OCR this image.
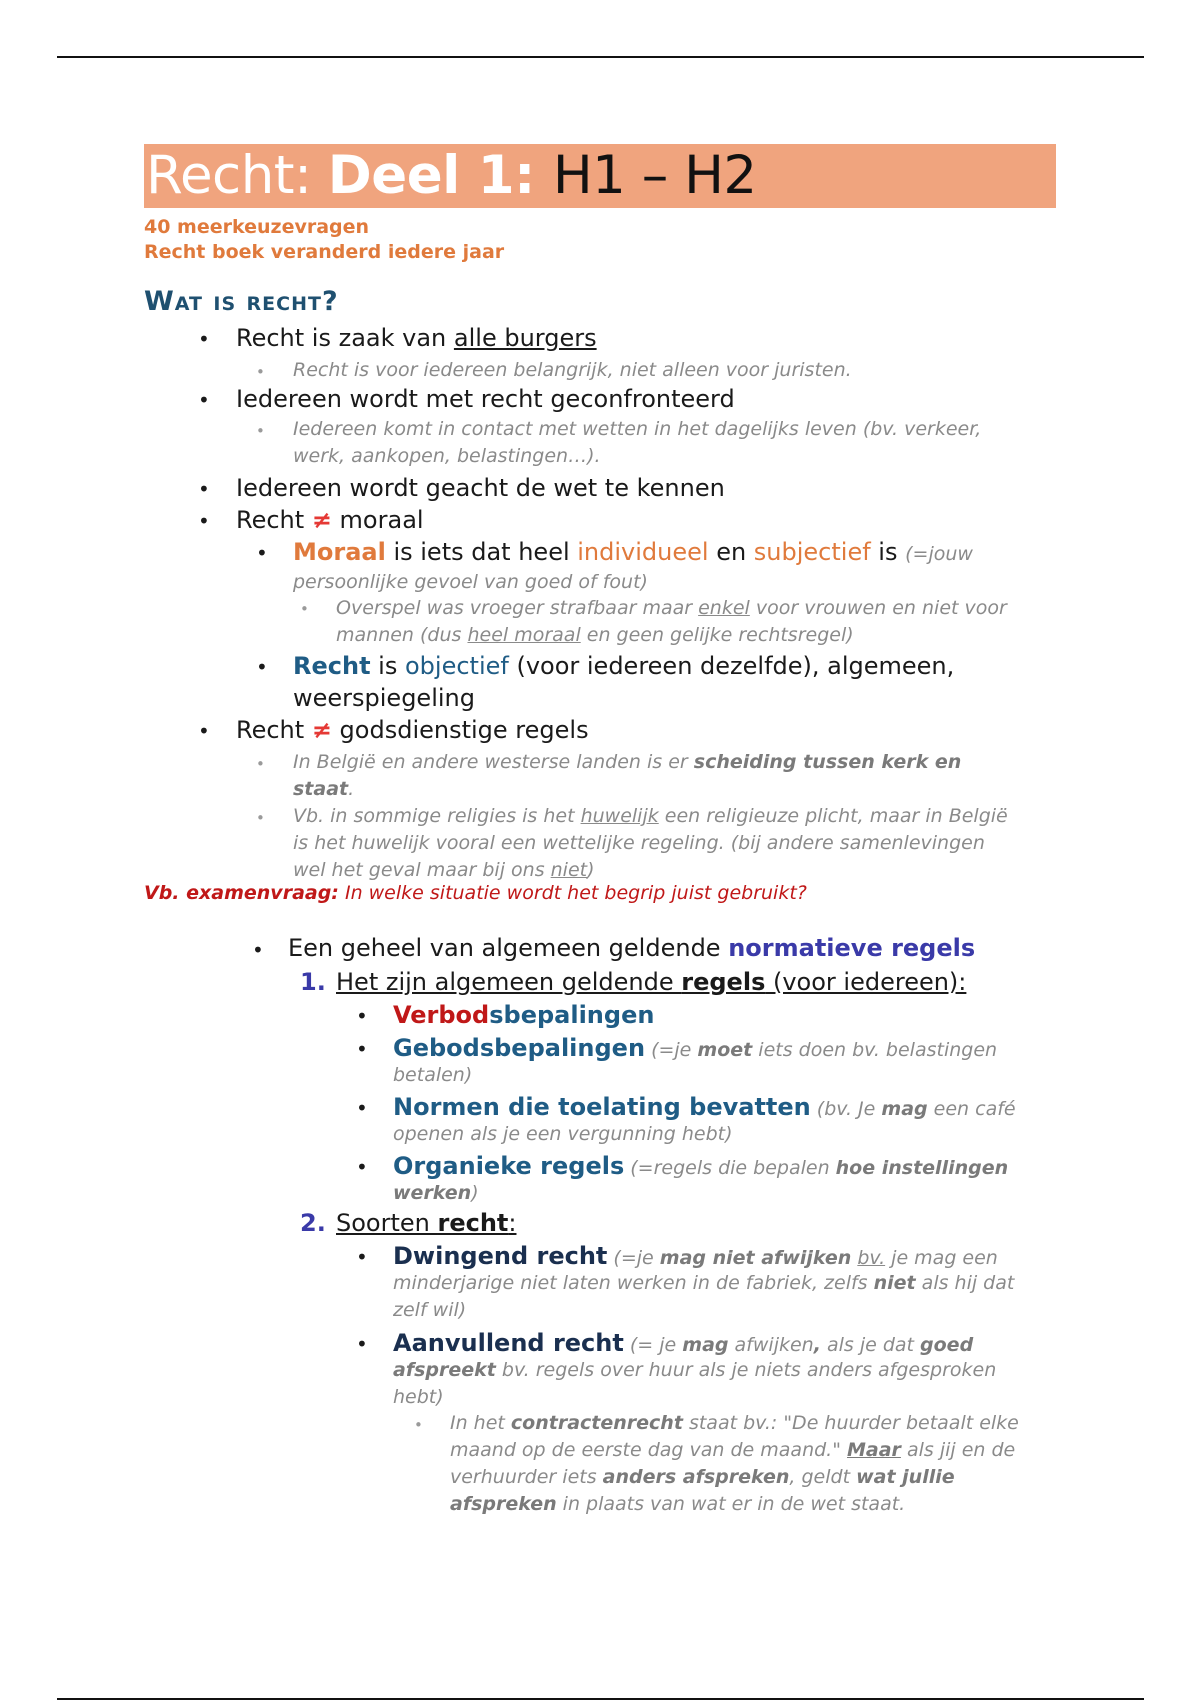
Recht: Deel 1: H1 – H2
40 meerkeuzevragen
Recht boek veranderd iedere jaar
Wat is recht?
• Recht is zaak van alle burgers
• Recht is voor iedereen belangrijk, niet alleen voor juristen.
• Iedereen wordt met recht geconfronteerd
• Iedereen komt in contact met wetten in het dagelijks leven (bv. verkeer,
werk, aankopen, belastingen…).
• Iedereen wordt geacht de wet te kennen
• Recht ≠ moraal
• Moraal is iets dat heel individueel en subjectief is (=jouw
persoonlijke gevoel van goed of fout)
• Overspel was vroeger strafbaar maar enkel voor vrouwen en niet voor
mannen (dus heel moraal en geen gelijke rechtsregel)
• Recht is objectief (voor iedereen dezelfde), algemeen,
weerspiegeling
• Recht ≠ godsdienstige regels
• In België en andere westerse landen is er scheiding tussen kerk en
staat.
• Vb. in sommige religies is het huwelijk een religieuze plicht, maar in België
is het huwelijk vooral een wettelijke regeling. (bij andere samenlevingen
wel het geval maar bij ons niet)
Vb. examenvraag: In welke situatie wordt het begrip juist gebruikt?
• Een geheel van algemeen geldende normatieve regels
1. Het zijn algemeen geldende regels (voor iedereen):
• Verbodsbepalingen
• Gebodsbepalingen (=je moet iets doen bv. belastingen
betalen)
• Normen die toelating bevatten (bv. Je mag een café
openen als je een vergunning hebt)
• Organieke regels (=regels die bepalen hoe instellingen
werken)
2. Soorten recht:
• Dwingend recht (=je mag niet afwijken bv. je mag een
minderjarige niet laten werken in de fabriek, zelfs niet als hij dat
zelf wil)
• Aanvullend recht (= je mag afwijken, als je dat goed
afspreekt bv. regels over huur als je niets anders afgesproken
hebt)
• In het contractenrecht staat bv.: "De huurder betaalt elke
maand op de eerste dag van de maand." Maar als jij en de
verhuurder iets anders afspreken, geldt wat jullie
afspreken in plaats van wat er in de wet staat.
